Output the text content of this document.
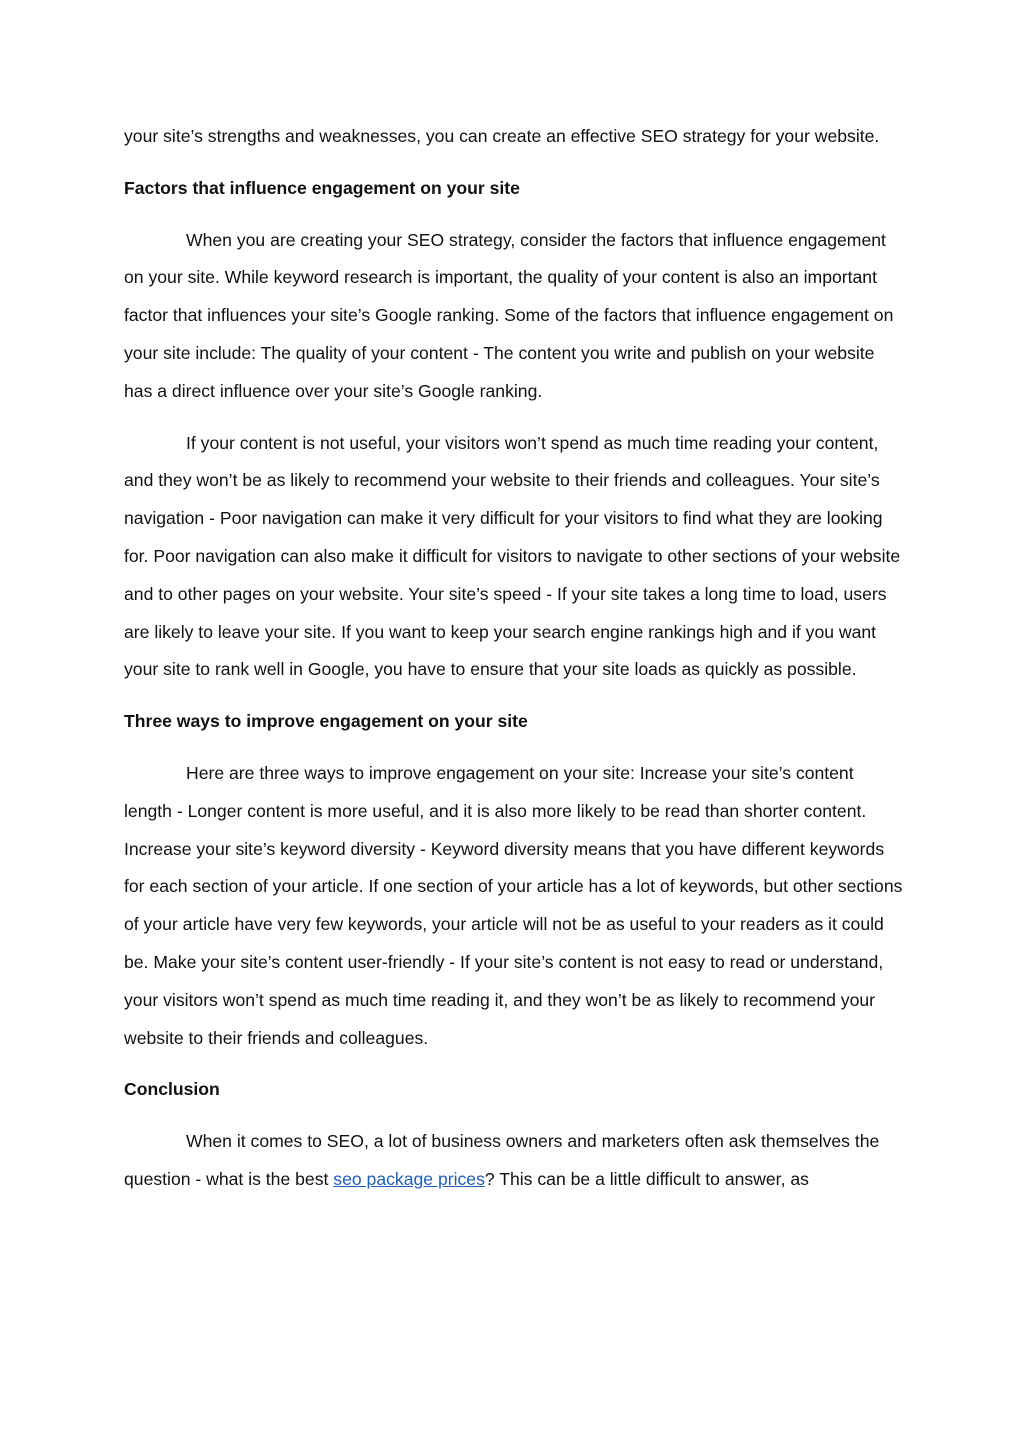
your site’s strengths and weaknesses, you can create an effective SEO strategy for your website.

Factors that influence engagement on your site

When you are creating your SEO strategy, consider the factors that influence engagement on your site. While keyword research is important, the quality of your content is also an important factor that influences your site’s Google ranking. Some of the factors that influence engagement on your site include: The quality of your content - The content you write and publish on your website has a direct influence over your site’s Google ranking.

If your content is not useful, your visitors won’t spend as much time reading your content, and they won’t be as likely to recommend your website to their friends and colleagues. Your site’s navigation - Poor navigation can make it very difficult for your visitors to find what they are looking for. Poor navigation can also make it difficult for visitors to navigate to other sections of your website and to other pages on your website. Your site’s speed - If your site takes a long time to load, users are likely to leave your site. If you want to keep your search engine rankings high and if you want your site to rank well in Google, you have to ensure that your site loads as quickly as possible.

Three ways to improve engagement on your site

Here are three ways to improve engagement on your site: Increase your site’s content length - Longer content is more useful, and it is also more likely to be read than shorter content. Increase your site’s keyword diversity - Keyword diversity means that you have different keywords for each section of your article. If one section of your article has a lot of keywords, but other sections of your article have very few keywords, your article will not be as useful to your readers as it could be. Make your site’s content user-friendly - If your site’s content is not easy to read or understand, your visitors won’t spend as much time reading it, and they won’t be as likely to recommend your website to their friends and colleagues.

Conclusion

When it comes to SEO, a lot of business owners and marketers often ask themselves the question - what is the best seo package prices? This can be a little difficult to answer, as
